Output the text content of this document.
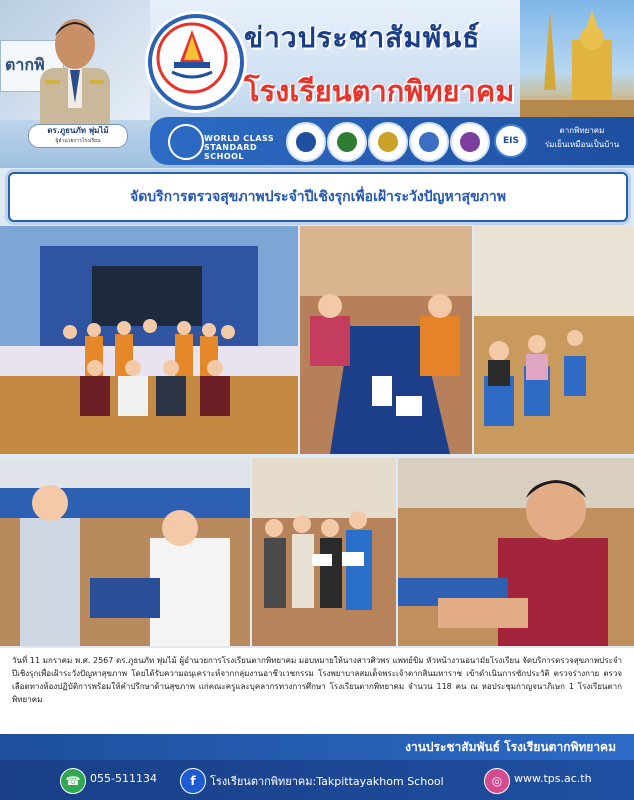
ตากพิ
ดร.ภูธนภัท พุ่มไม้
ผู้อำนวยการโรงเรียน
ข่าวประชาสัมพันธ์
โรงเรียนตากพิทยาคม
WORLD CLASS STANDARD SCHOOL
EIS
ตากพิทยาคม
ร่มเย็นเหมือนเป็นบ้าน
จัดบริการตรวจสุขภาพประจำปีเชิงรุกเพื่อเฝ้าระวังปัญหาสุขภาพ

วันที่ 11 มกราคม พ.ศ. 2567 ดร.ภูธนภัท พุ่มไม้ ผู้อำนวยการโรงเรียนตากพิทยาคม มอบหมายให้นางสาวศิวพร แพทย์ขิม หัวหน้างานอนามัยโรงเรียน จัดบริการตรวจสุขภาพประจำปีเชิงรุกเพื่อเฝ้าระวังปัญหาสุขภาพ โดยได้รับความอนุเคราะห์จากกลุ่มงานอาชีวเวชกรรม โรงพยาบาลสมเด็จพระเจ้าตากสินมหาราช เข้าดำเนินการซักประวัติ ตรวจร่างกาย ตรวจเลือดทางห้องปฏิบัติการพร้อมให้คำปรึกษาด้านสุขภาพ แก่คณะครูและบุคลากรทางการศึกษา โรงเรียนตากพิทยาคม จำนวน 118 คน ณ หอประชุมกาญจนาภิเษก 1 โรงเรียนตากพิทยาคม

งานประชาสัมพันธ์ โรงเรียนตากพิทยาคม
☎ 055-511134	f	โรงเรียนตากพิทยาคม:Takpittayakhom School	◎	www.tps.ac.th
